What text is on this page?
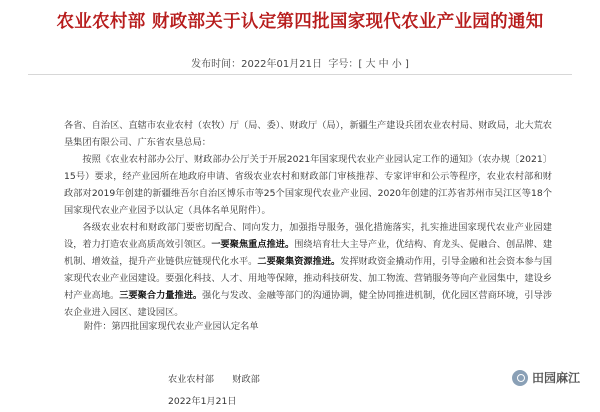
农业农村部 财政部关于认定第四批国家现代农业产业园的通知
发布时间：2022年01月21日 字号：[ 大 中 小 ]

各省、自治区、直辖市农业农村（农牧）厅（局、委）、财政厅（局），新疆生产建设兵团农业农村局、财政局，北大荒农垦集团有限公司、广东省农垦总局：

按照《农业农村部办公厅、财政部办公厅关于开展2021年国家现代农业产业园认定工作的通知》（农办规〔2021〕15号）要求，经产业园所在地政府申请、省级农业农村和财政部门审核推荐、专家评审和公示等程序，农业农村部和财政部对2019年创建的新疆维吾尔自治区博乐市等25个国家现代农业产业园、2020年创建的江苏省苏州市吴江区等18个国家现代农业产业园予以认定（具体名单见附件）。

各级农业农村和财政部门要密切配合、同向发力，加强指导服务，强化措施落实，扎实推进国家现代农业产业园建设，着力打造农业高质高效引领区。一要聚焦重点推进。围绕培育壮大主导产业，优结构、育龙头、促融合、创品牌、建机制、增效益，提升产业链供应链现代化水平。二要聚集资源推进。发挥财政资金撬动作用，引导金融和社会资本参与国家现代农业产业园建设。要强化科技、人才、用地等保障，推动科技研发、加工物流、营销服务等向产业园集中，建设乡村产业高地。三要聚合力量推进。强化与发改、金融等部门的沟通协调，健全协同推进机制，优化园区营商环境，引导涉农企业进入园区、建设园区。

附件：第四批国家现代农业产业园认定名单
农业农村部　　财政部
2022年1月21日
田园麻江
